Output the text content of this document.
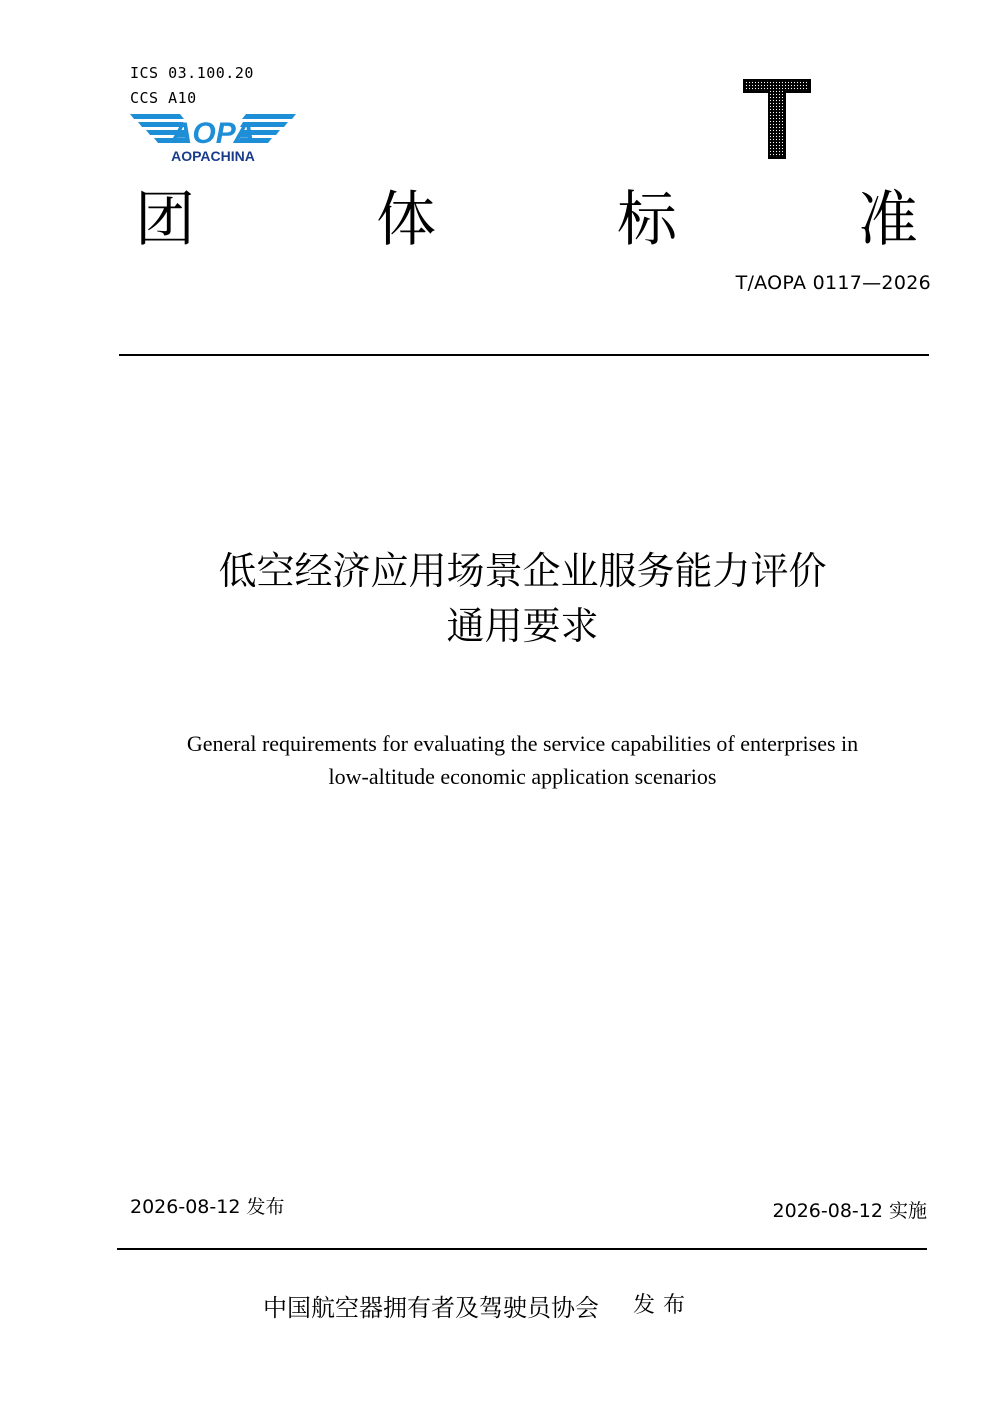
ICS 03.100.20
CCS A10
AOPA
AOPACHINA
团	体	标	准
T/AOPA 0117—2026
低空经济应用场景企业服务能力评价
通用要求
General requirements for evaluating the service capabilities of enterprises in
low-altitude economic application scenarios
2026-08-12 发布	2026-08-12 实施
中国航空器拥有者及驾驶员协会 发布
